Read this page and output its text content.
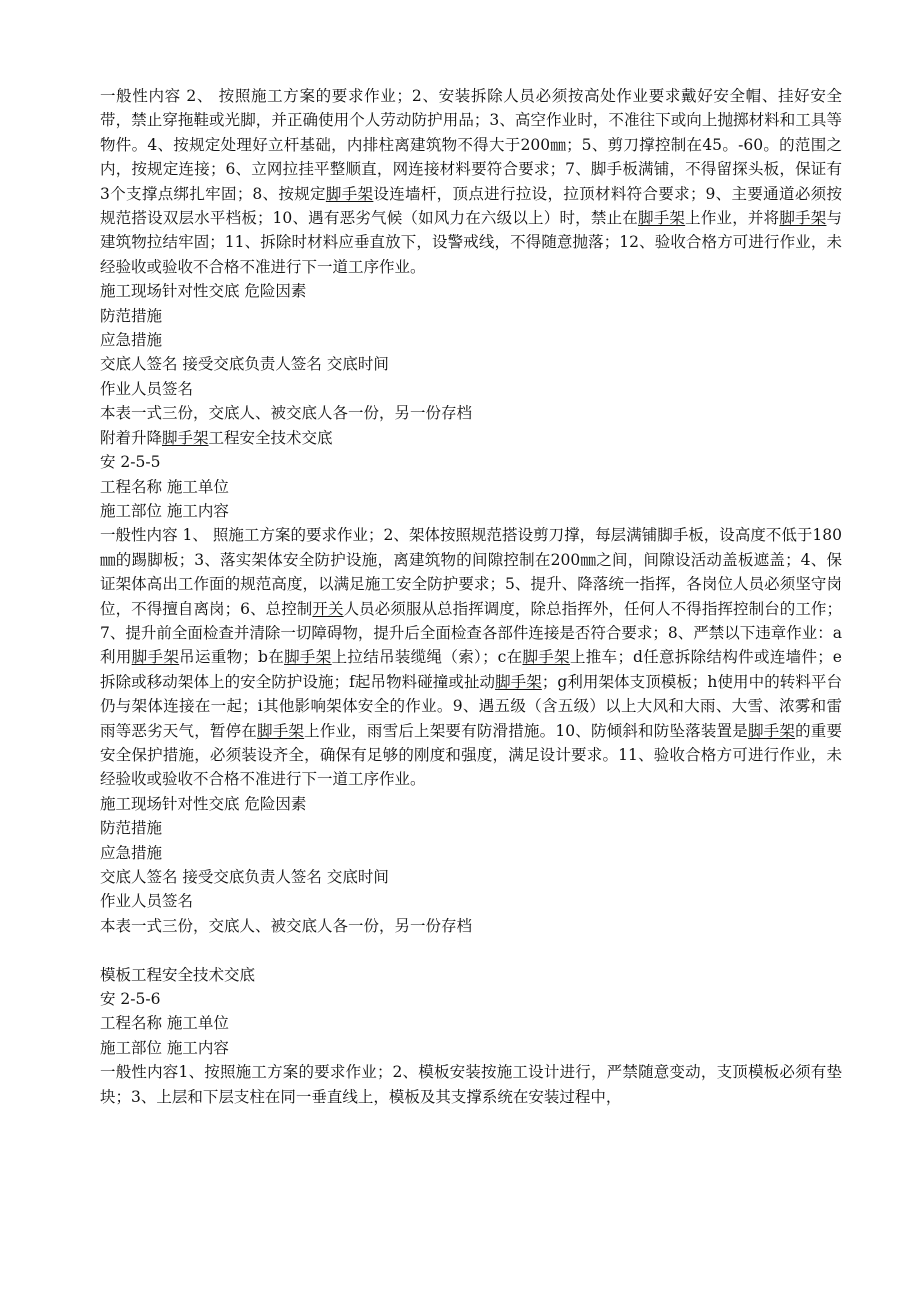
一般性内容 2、 按照施工方案的要求作业；2、安装拆除人员必须按高处作业要求戴好安全帽、挂好安全带，禁止穿拖鞋或光脚，并正确使用个人劳动防护用品；3、高空作业时，不准往下或向上抛掷材料和工具等物件。4、按规定处理好立杆基础，内排柱离建筑物不得大于200㎜；5、剪刀撑控制在45。-60。的范围之内，按规定连接；6、立网拉挂平整顺直，网连接材料要符合要求；7、脚手板满铺，不得留探头板，保证有3个支撑点绑扎牢固；8、按规定脚手架设连墙杆，顶点进行拉设，拉顶材料符合要求；9、主要通道必须按规范搭设双层水平档板；10、遇有恶劣气候（如风力在六级以上）时，禁止在脚手架上作业，并将脚手架与建筑物拉结牢固；11、拆除时材料应垂直放下，设警戒线，不得随意抛落；12、验收合格方可进行作业，未经验收或验收不合格不准进行下一道工序作业。

施工现场针对性交底 危险因素

防范措施

应急措施

交底人签名 接受交底负责人签名 交底时间

作业人员签名

本表一式三份，交底人、被交底人各一份，另一份存档

附着升降脚手架工程安全技术交底

安 2-5-5

工程名称 施工单位

施工部位 施工内容

一般性内容 1、 照施工方案的要求作业；2、架体按照规范搭设剪刀撑，每层满铺脚手板，设高度不低于180㎜的踢脚板；3、落实架体安全防护设施，离建筑物的间隙控制在200㎜之间，间隙设活动盖板遮盖；4、保证架体高出工作面的规范高度，以满足施工安全防护要求；5、提升、降落统一指挥，各岗位人员必须坚守岗位，不得擅自离岗；6、总控制开关人员必须服从总指挥调度，除总指挥外，任何人不得指挥控制台的工作；7、提升前全面检查并清除一切障碍物，提升后全面检查各部件连接是否符合要求；8、严禁以下违章作业：a利用脚手架吊运重物；b在脚手架上拉结吊装缆绳（索）；c在脚手架上推车；d任意拆除结构件或连墙件；e拆除或移动架体上的安全防护设施；f起吊物料碰撞或扯动脚手架；g利用架体支顶模板；h使用中的转料平台仍与架体连接在一起；i其他影响架体安全的作业。9、遇五级（含五级）以上大风和大雨、大雪、浓雾和雷雨等恶劣天气，暂停在脚手架上作业，雨雪后上架要有防滑措施。10、防倾斜和防坠落装置是脚手架的重要安全保护措施，必须装设齐全，确保有足够的刚度和强度，满足设计要求。11、验收合格方可进行作业，未经验收或验收不合格不准进行下一道工序作业。

施工现场针对性交底 危险因素

防范措施

应急措施

交底人签名 接受交底负责人签名 交底时间

作业人员签名

本表一式三份，交底人、被交底人各一份，另一份存档

模板工程安全技术交底

安 2-5-6

工程名称 施工单位

施工部位 施工内容

一般性内容1、按照施工方案的要求作业；2、模板安装按施工设计进行，严禁随意变动，支顶模板必须有垫块；3、上层和下层支柱在同一垂直线上，模板及其支撑系统在安装过程中，
